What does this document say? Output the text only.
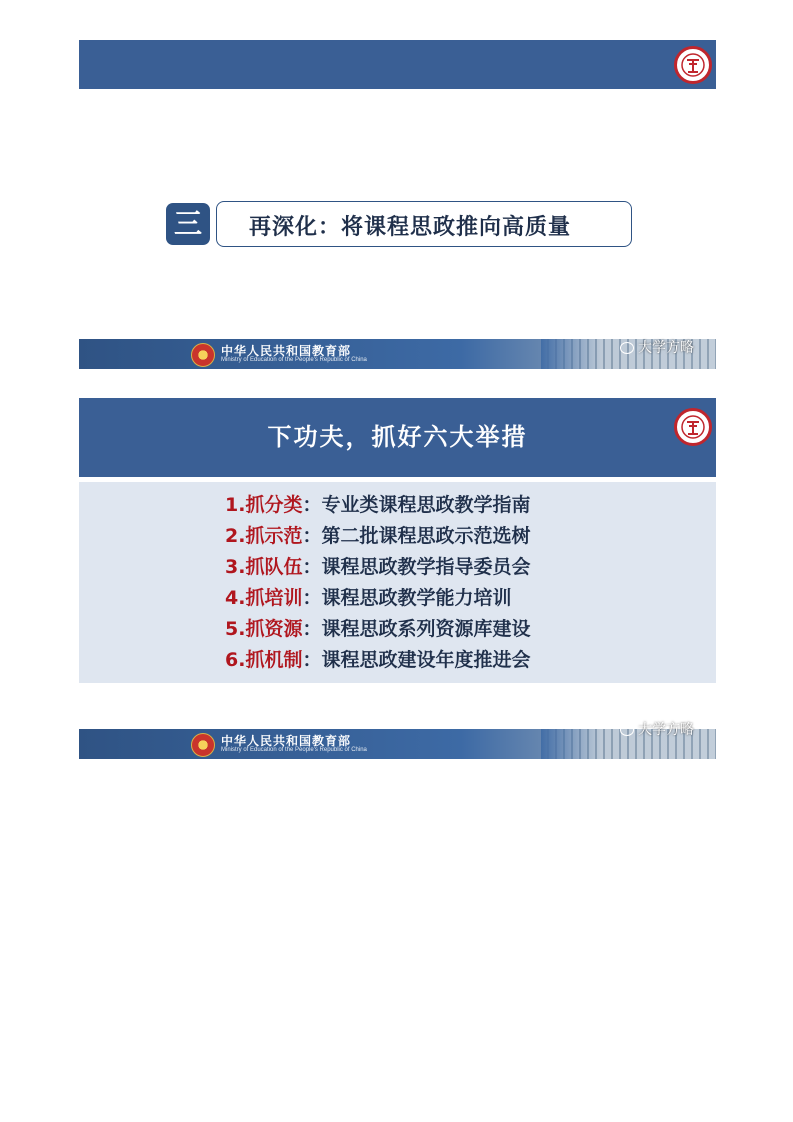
三	再深化：将课程思政推向高质量
中华人民共和国教育部
Ministry of Education of the People's Republic of China
大学方略
下功夫，抓好六大举措
1.抓分类：专业类课程思政教学指南
2.抓示范：第二批课程思政示范选树
3.抓队伍：课程思政教学指导委员会
4.抓培训：课程思政教学能力培训
5.抓资源：课程思政系列资源库建设
6.抓机制：课程思政建设年度推进会
中华人民共和国教育部
Ministry of Education of the People's Republic of China
大学方略
